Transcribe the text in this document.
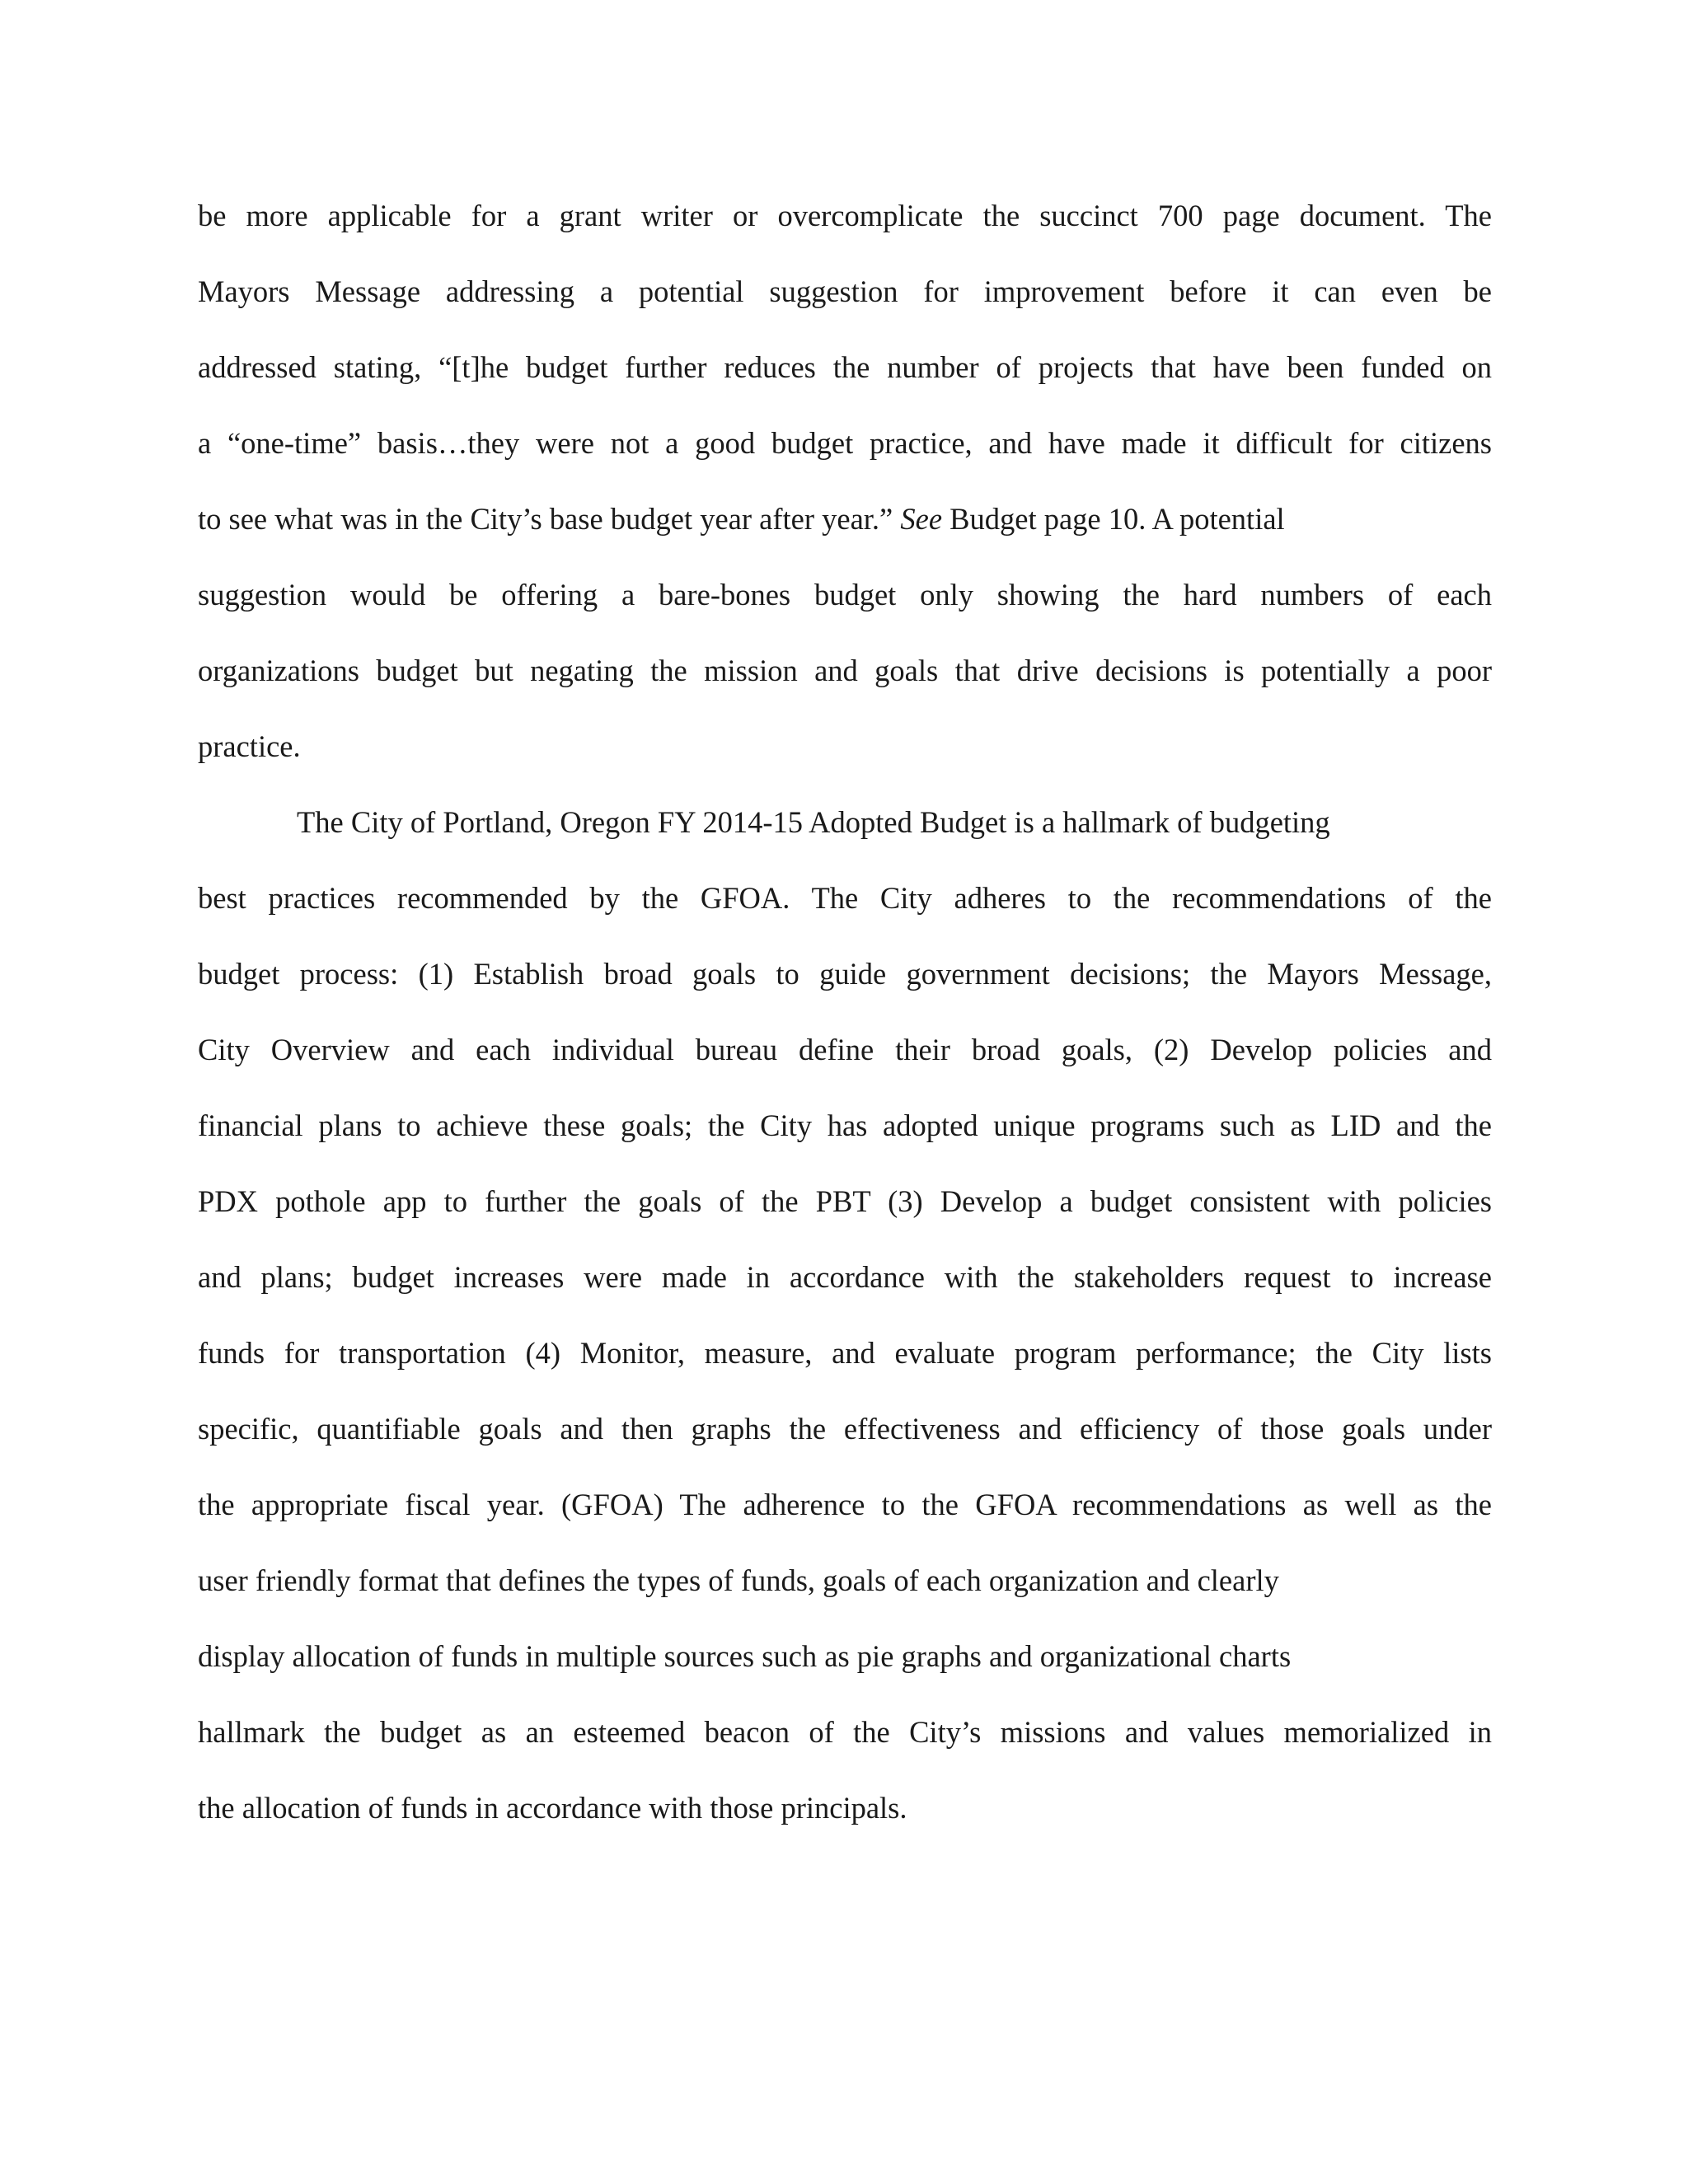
be more applicable for a grant writer or overcomplicate the succinct 700 page document. The
Mayors Message addressing a potential suggestion for improvement before it can even be
addressed stating, “[t]he budget further reduces the number of projects that have been funded on
a “one-time” basis…they were not a good budget practice, and have made it difficult for citizens
to see what was in the City’s base budget year after year.” See Budget page 10. A potential
suggestion would be offering a bare-bones budget only showing the hard numbers of each
organizations budget but negating the mission and goals that drive decisions is potentially a poor
practice.
The City of Portland, Oregon FY 2014-15 Adopted Budget is a hallmark of budgeting
best practices recommended by the GFOA. The City adheres to the recommendations of the
budget process: (1) Establish broad goals to guide government decisions; the Mayors Message,
City Overview and each individual bureau define their broad goals, (2) Develop policies and
financial plans to achieve these goals; the City has adopted unique programs such as LID and the
PDX pothole app to further the goals of the PBT (3) Develop a budget consistent with policies
and plans; budget increases were made in accordance with the stakeholders request to increase
funds for transportation (4) Monitor, measure, and evaluate program performance; the City lists
specific, quantifiable goals and then graphs the effectiveness and efficiency of those goals under
the appropriate fiscal year. (GFOA) The adherence to the GFOA recommendations as well as the
user friendly format that defines the types of funds, goals of each organization and clearly
display allocation of funds in multiple sources such as pie graphs and organizational charts
hallmark the budget as an esteemed beacon of the City’s missions and values memorialized in
the allocation of funds in accordance with those principals.
